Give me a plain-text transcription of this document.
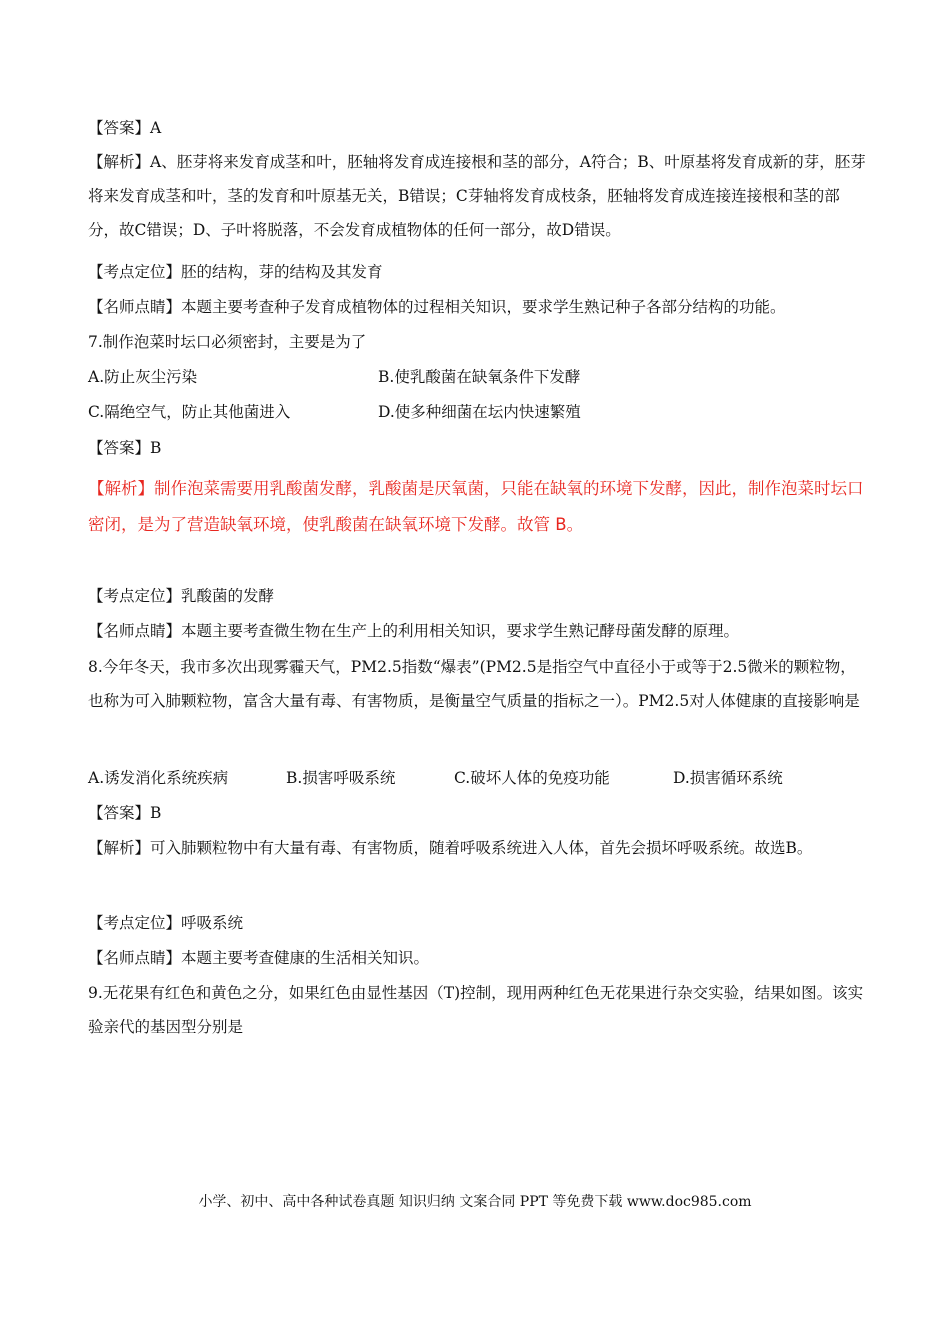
【答案】A
【解析】A、胚芽将来发育成茎和叶，胚轴将发育成连接根和茎的部分，A符合；B、叶原基将发育成新的芽，胚芽将来发育成茎和叶，茎的发育和叶原基无关，B错误；C芽轴将发育成枝条，胚轴将发育成连接连接根和茎的部分，故C错误；D、子叶将脱落，不会发育成植物体的任何一部分，故D错误。
【考点定位】胚的结构，芽的结构及其发育
【名师点睛】本题主要考查种子发育成植物体的过程相关知识，要求学生熟记种子各部分结构的功能。
7.制作泡菜时坛口必须密封，主要是为了
A.防止灰尘污染	B.使乳酸菌在缺氧条件下发酵
C.隔绝空气，防止其他菌进入	D.使多种细菌在坛内快速繁殖
【答案】B
【解析】制作泡菜需要用乳酸菌发酵，乳酸菌是厌氧菌，只能在缺氧的环境下发酵，因此，制作泡菜时坛口密闭，是为了营造缺氧环境，使乳酸菌在缺氧环境下发酵。故管 B。
【考点定位】乳酸菌的发酵
【名师点睛】本题主要考查微生物在生产上的利用相关知识，要求学生熟记酵母菌发酵的原理。
8.今年冬天，我市多次出现雾霾天气，PM2.5指数“爆表”(PM2.5是指空气中直径小于或等于2.5微米的颗粒物，也称为可入肺颗粒物，富含大量有毒、有害物质，是衡量空气质量的指标之一）。PM2.5对人体健康的直接影响是
A.诱发消化系统疾病	B.损害呼吸系统	C.破坏人体的免疫功能	D.损害循环系统
【答案】B
【解析】可入肺颗粒物中有大量有毒、有害物质，随着呼吸系统进入人体，首先会损坏呼吸系统。故选B。
【考点定位】呼吸系统
【名师点睛】本题主要考查健康的生活相关知识。
9.无花果有红色和黄色之分，如果红色由显性基因（T)控制，现用两种红色无花果进行杂交实验，结果如图。该实验亲代的基因型分别是
小学、初中、高中各种试卷真题 知识归纳 文案合同 PPT 等免费下载 www.doc985.com
